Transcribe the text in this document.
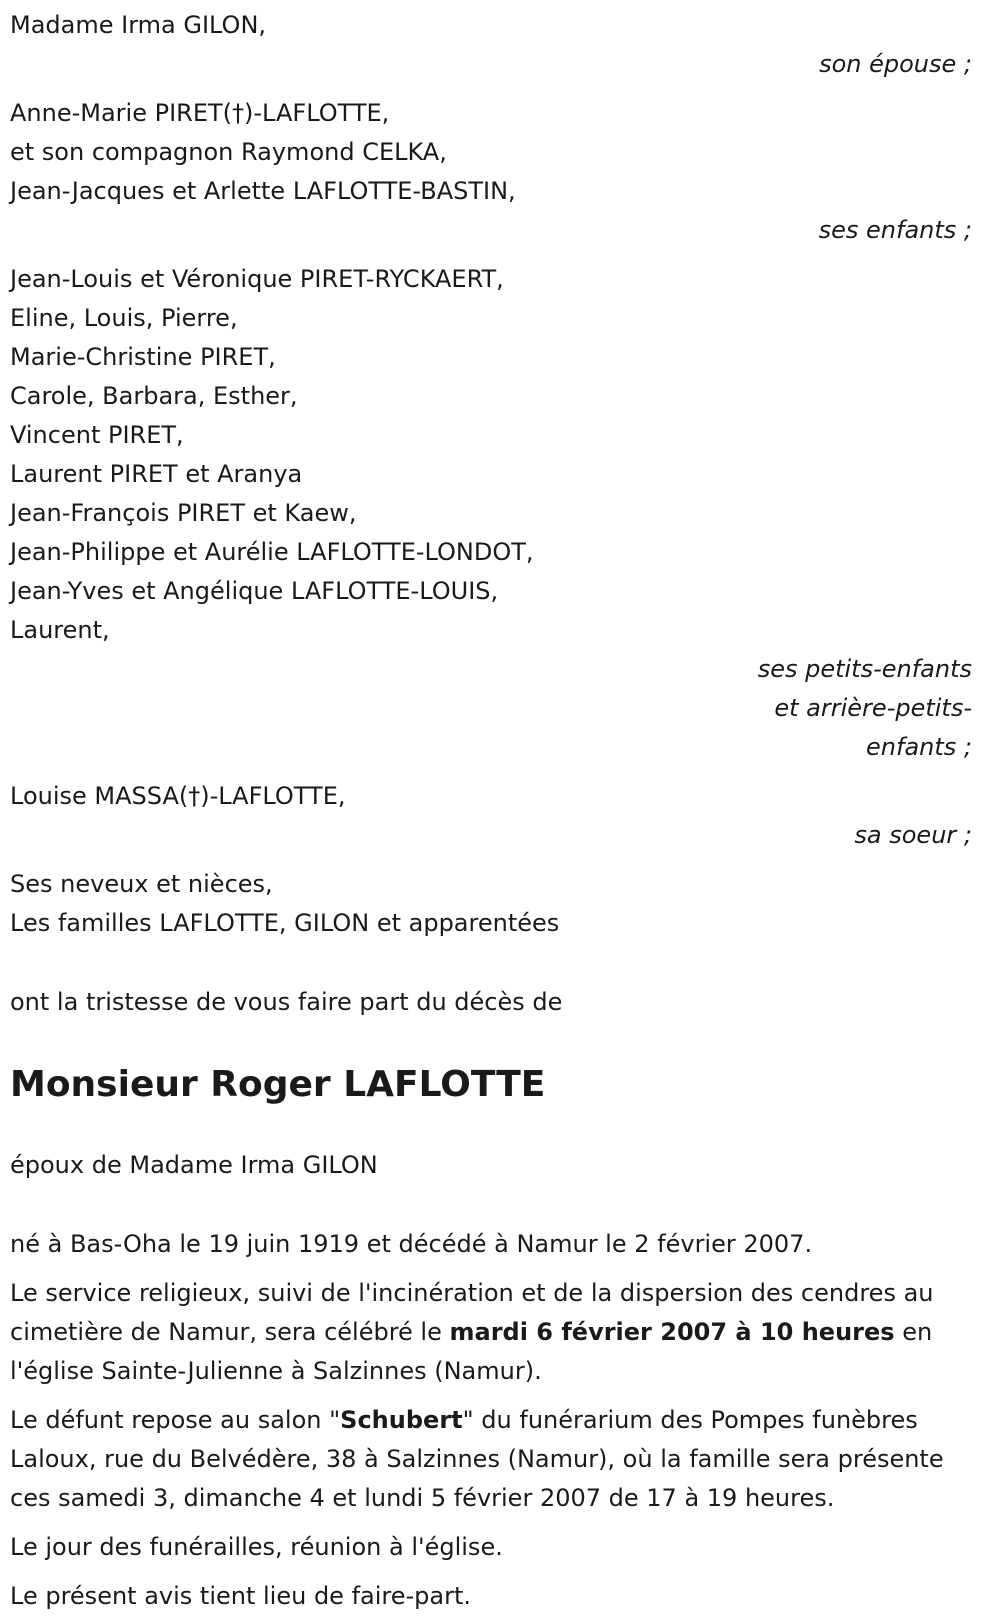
Madame Irma GILON,
son épouse ;
Anne-Marie PIRET(†)-LAFLOTTE,
et son compagnon Raymond CELKA,
Jean-Jacques et Arlette LAFLOTTE-BASTIN,
ses enfants ;
Jean-Louis et Véronique PIRET-RYCKAERT,
Eline, Louis, Pierre,
Marie-Christine PIRET,
Carole, Barbara, Esther,
Vincent PIRET,
Laurent PIRET et Aranya
Jean-François PIRET et Kaew,
Jean-Philippe et Aurélie LAFLOTTE-LONDOT,
Jean-Yves et Angélique LAFLOTTE-LOUIS,
Laurent,
ses petits-enfants
et arrière-petits-
enfants ;
Louise MASSA(†)-LAFLOTTE,
sa soeur ;
Ses neveux et nièces,
Les familles LAFLOTTE, GILON et apparentées
ont la tristesse de vous faire part du décès de
Monsieur Roger LAFLOTTE
époux de Madame Irma GILON

né à Bas-Oha le 19 juin 1919 et décédé à Namur le 2 février 2007.

Le service religieux, suivi de l'incinération et de la dispersion des cendres au cimetière de Namur, sera célébré le mardi 6 février 2007 à 10 heures en l'église Sainte-Julienne à Salzinnes (Namur).

Le défunt repose au salon "Schubert" du funérarium des Pompes funèbres Laloux, rue du Belvédère, 38 à Salzinnes (Namur), où la famille sera présente ces samedi 3, dimanche 4 et lundi 5 février 2007 de 17 à 19 heures.

Le jour des funérailles, réunion à l'église.

Le présent avis tient lieu de faire-part.
